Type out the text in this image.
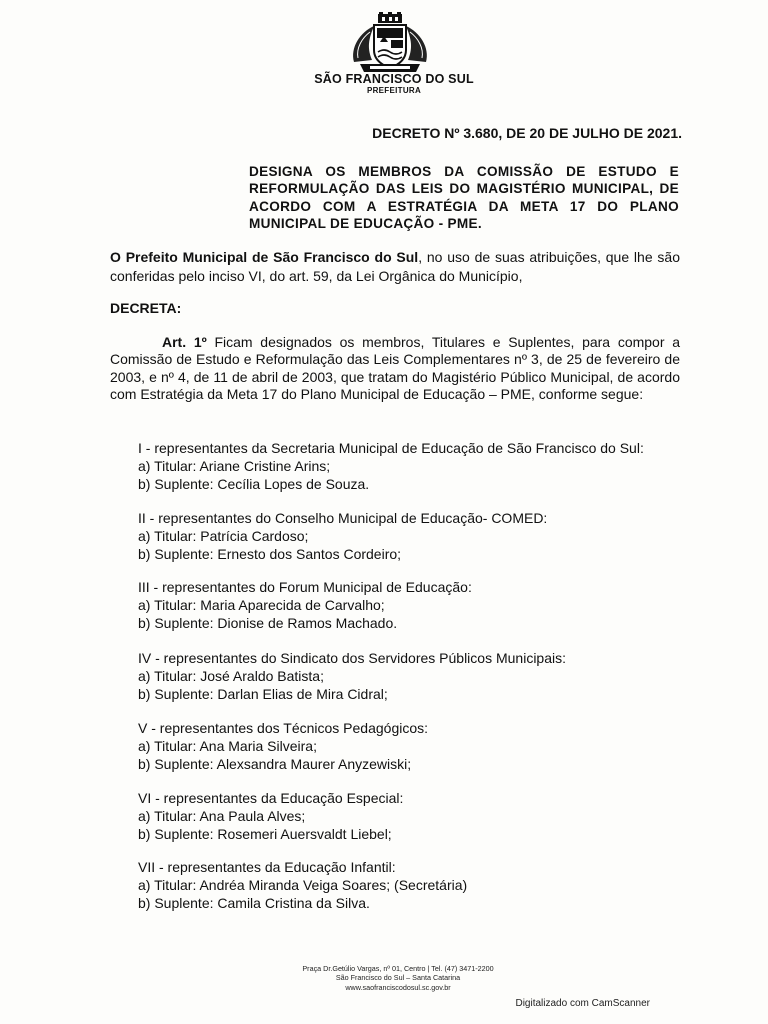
SÃO FRANCISCO DO SUL
PREFEITURA
DECRETO Nº 3.680, DE 20 DE JULHO DE 2021.
DESIGNA OS MEMBROS DA COMISSÃO DE ESTUDO E REFORMULAÇÃO DAS LEIS DO MAGISTÉRIO MUNICIPAL, DE ACORDO COM A ESTRATÉGIA DA META 17 DO PLANO MUNICIPAL DE EDUCAÇÃO - PME.
O Prefeito Municipal de São Francisco do Sul, no uso de suas atribuições, que lhe são conferidas pelo inciso VI, do art. 59, da Lei Orgânica do Município,
DECRETA:
Art. 1º Ficam designados os membros, Titulares e Suplentes, para compor a Comissão de Estudo e Reformulação das Leis Complementares nº 3, de 25 de fevereiro de 2003, e nº 4, de 11 de abril de 2003, que tratam do Magistério Público Municipal, de acordo com Estratégia da Meta 17 do Plano Municipal de Educação – PME, conforme segue:
I - representantes da Secretaria Municipal de Educação de São Francisco do Sul:
a) Titular: Ariane Cristine Arins;
b) Suplente: Cecília Lopes de Souza.
II - representantes do Conselho Municipal de Educação- COMED:
a) Titular: Patrícia Cardoso;
b) Suplente: Ernesto dos Santos Cordeiro;
III - representantes do Forum Municipal de Educação:
a) Titular: Maria Aparecida de Carvalho;
b) Suplente: Dionise de Ramos Machado.
IV - representantes do Sindicato dos Servidores Públicos Municipais:
a) Titular: José Araldo Batista;
b) Suplente: Darlan Elias de Mira Cidral;
V - representantes dos Técnicos Pedagógicos:
a) Titular: Ana Maria Silveira;
b) Suplente: Alexsandra Maurer Anyzewiski;
VI - representantes da Educação Especial:
a) Titular: Ana Paula Alves;
b) Suplente: Rosemeri Auersvaldt Liebel;
VII - representantes da Educação Infantil:
a) Titular: Andréa Miranda Veiga Soares; (Secretária)
b) Suplente: Camila Cristina da Silva.
Praça Dr.Getúlio Vargas, nº 01, Centro | Tel. (47) 3471-2200
São Francisco do Sul – Santa Catarina
www.saofranciscodosul.sc.gov.br
Digitalizado com CamScanner
